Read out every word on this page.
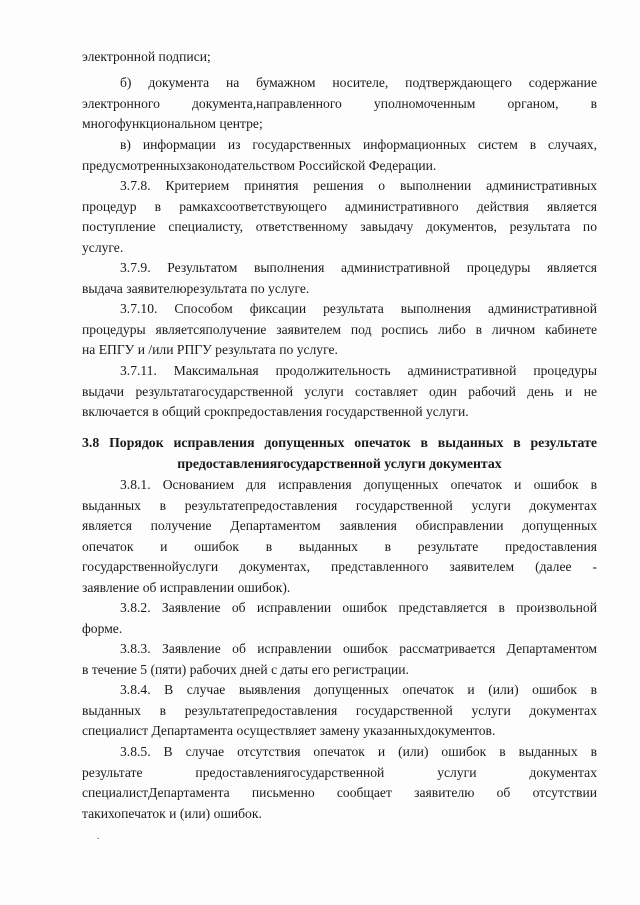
электронной подписи;
б) документа на бумажном носителе, подтверждающего содержание
электронного документа,направленного уполномоченным органом, в
многофункциональном центре;
в) информации из государственных информационных систем в случаях,
предусмотренныхзаконодательством Российской Федерации.
3.7.8. Критерием принятия решения о выполнении административных
процедур в рамкахсоответствующего административного действия является
поступление специалисту, ответственному завыдачу документов, результата по
услуге.
3.7.9. Результатом выполнения административной процедуры является
выдача заявителюрезультата по услуге.
3.7.10. Способом фиксации результата выполнения административной
процедуры являетсяполучение заявителем под роспись либо в личном кабинете
на ЕПГУ и /или РПГУ результата по услуге.
3.7.11. Максимальная продолжительность административной процедуры
выдачи результатагосударственной услуги составляет один рабочий день и не
включается в общий срокпредоставления государственной услуги.
3.8 Порядок исправления допущенных опечаток в выданных в результате
предоставлениягосударственной услуги документах
3.8.1. Основанием для исправления допущенных опечаток и ошибок в
выданных в результатепредоставления государственной услуги документах
является получение Департаментом заявления обисправлении допущенных
опечаток и ошибок в выданных в результате предоставления
государственнойуслуги документах, представленного заявителем (далее -
заявление об исправлении ошибок).
3.8.2. Заявление об исправлении ошибок представляется в произвольной
форме.
3.8.3. Заявление об исправлении ошибок рассматривается Департаментом
в течение 5 (пяти) рабочих дней с даты его регистрации.
3.8.4. В случае выявления допущенных опечаток и (или) ошибок в
выданных в результатепредоставления государственной услуги документах
специалист Департамента осуществляет замену указанныхдокументов.
3.8.5. В случае отсутствия опечаток и (или) ошибок в выданных в
результате предоставлениягосударственной услуги документах
специалистДепартамента письменно сообщает заявителю об отсутствии
такихопечаток и (или) ошибок.
